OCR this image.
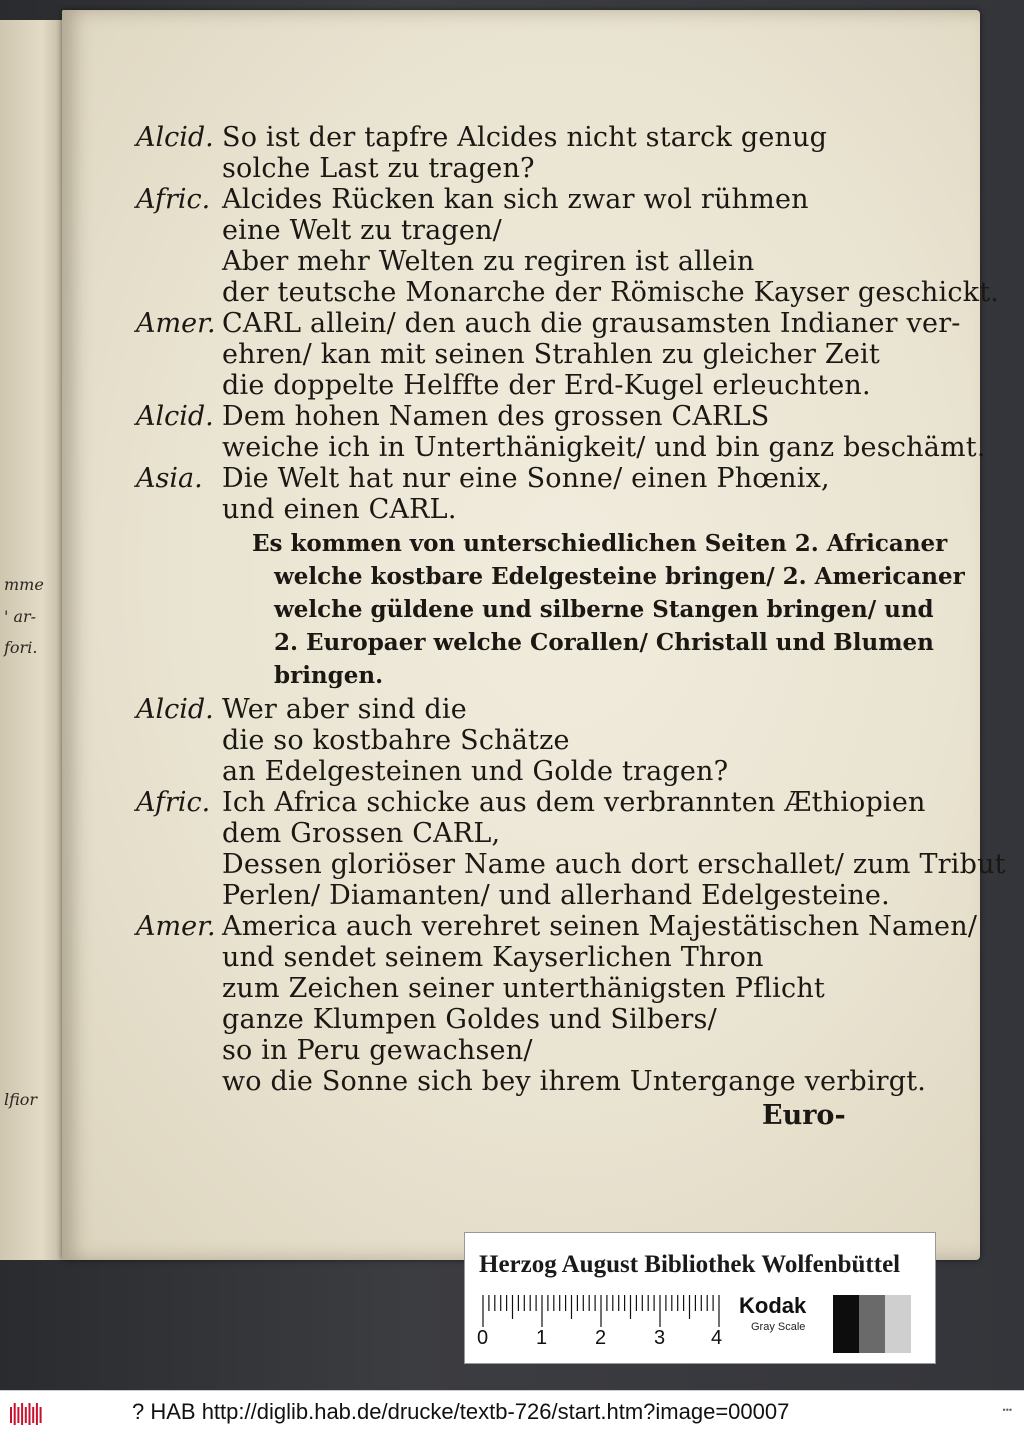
mme
' ar-
fori.
lfior
Alcid. So ist der tapfre Alcides nicht starck genug
solche Last zu tragen?
Afric. Alcides Rücken kan sich zwar wol rühmen
eine Welt zu tragen/
Aber mehr Welten zu regiren ist allein
der teutsche Monarche der Römische Kayser geschickt.
Amer. CARL allein/ den auch die grausamsten Indianer ver-
ehren/ kan mit seinen Strahlen zu gleicher Zeit
die doppelte Helffte der Erd-Kugel erleuchten.
Alcid. Dem hohen Namen des grossen CARLS
weiche ich in Unterthänigkeit/ und bin ganz beschämt.
Asia. Die Welt hat nur eine Sonne/ einen Phœnix,
und einen CARL.
Es kommen von unterschiedlichen Seiten 2. Africaner
welche kostbare Edelgesteine bringen/ 2. Americaner
welche güldene und silberne Stangen bringen/ und
2. Europaer welche Corallen/ Christall und Blumen
bringen.
Alcid. Wer aber sind die
die so kostbahre Schätze
an Edelgesteinen und Golde tragen?
Afric. Ich Africa schicke aus dem verbrannten Æthiopien
dem Grossen CARL,
Dessen gloriöser Name auch dort erschallet/ zum Tribut
Perlen/ Diamanten/ und allerhand Edelgesteine.
Amer. America auch verehret seinen Majestätischen Namen/
und sendet seinem Kayserlichen Thron
zum Zeichen seiner unterthänigsten Pflicht
ganze Klumpen Goldes und Silbers/
so in Peru gewachsen/
wo die Sonne sich bey ihrem Untergange verbirgt.
Euro-
Herzog August Bibliothek Wolfenbüttel
0 1 2 3 4
Kodak
Gray Scale
? HAB http://diglib.hab.de/drucke/textb-726/start.htm?image=00007	•••
